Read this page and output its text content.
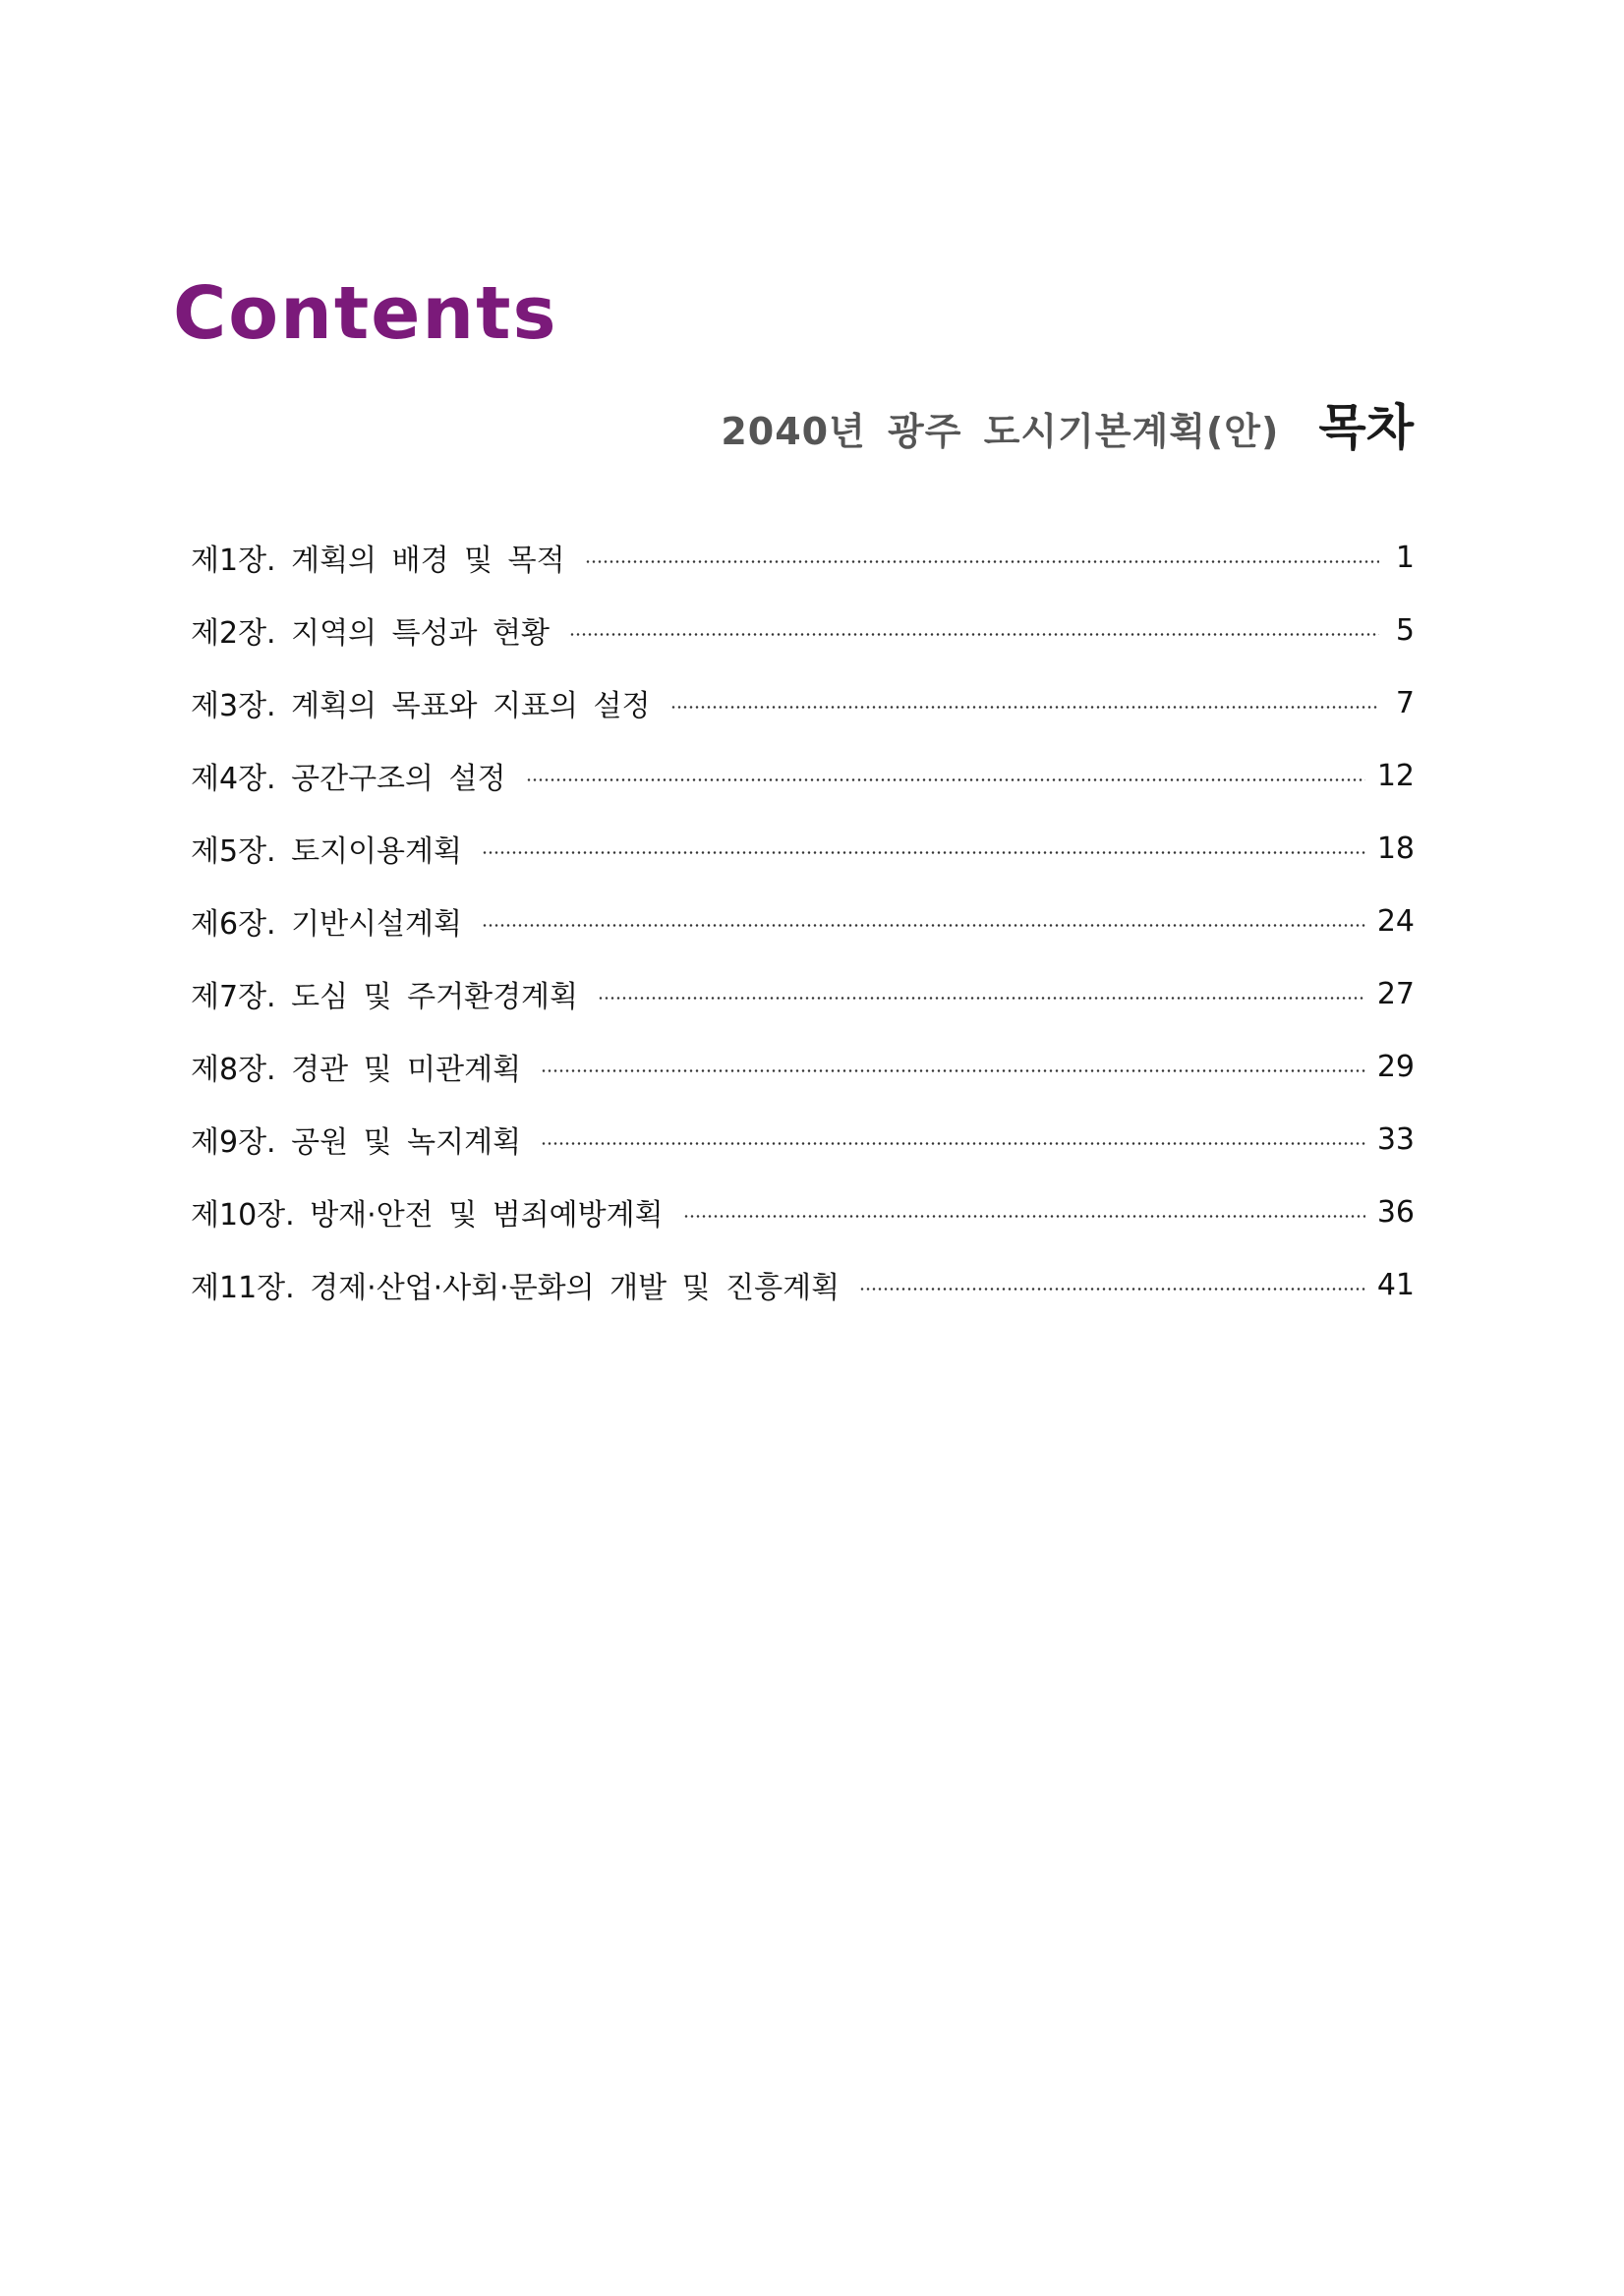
Contents
2040년 광주 도시기본계획(안) 목차
제1장. 계획의 배경 및 목적	1
제2장. 지역의 특성과 현황	5
제3장. 계획의 목표와 지표의 설정	7
제4장. 공간구조의 설정	12
제5장. 토지이용계획	18
제6장. 기반시설계획	24
제7장. 도심 및 주거환경계획	27
제8장. 경관 및 미관계획	29
제9장. 공원 및 녹지계획	33
제10장. 방재·안전 및 범죄예방계획	36
제11장. 경제·산업·사회·문화의 개발 및 진흥계획	41
